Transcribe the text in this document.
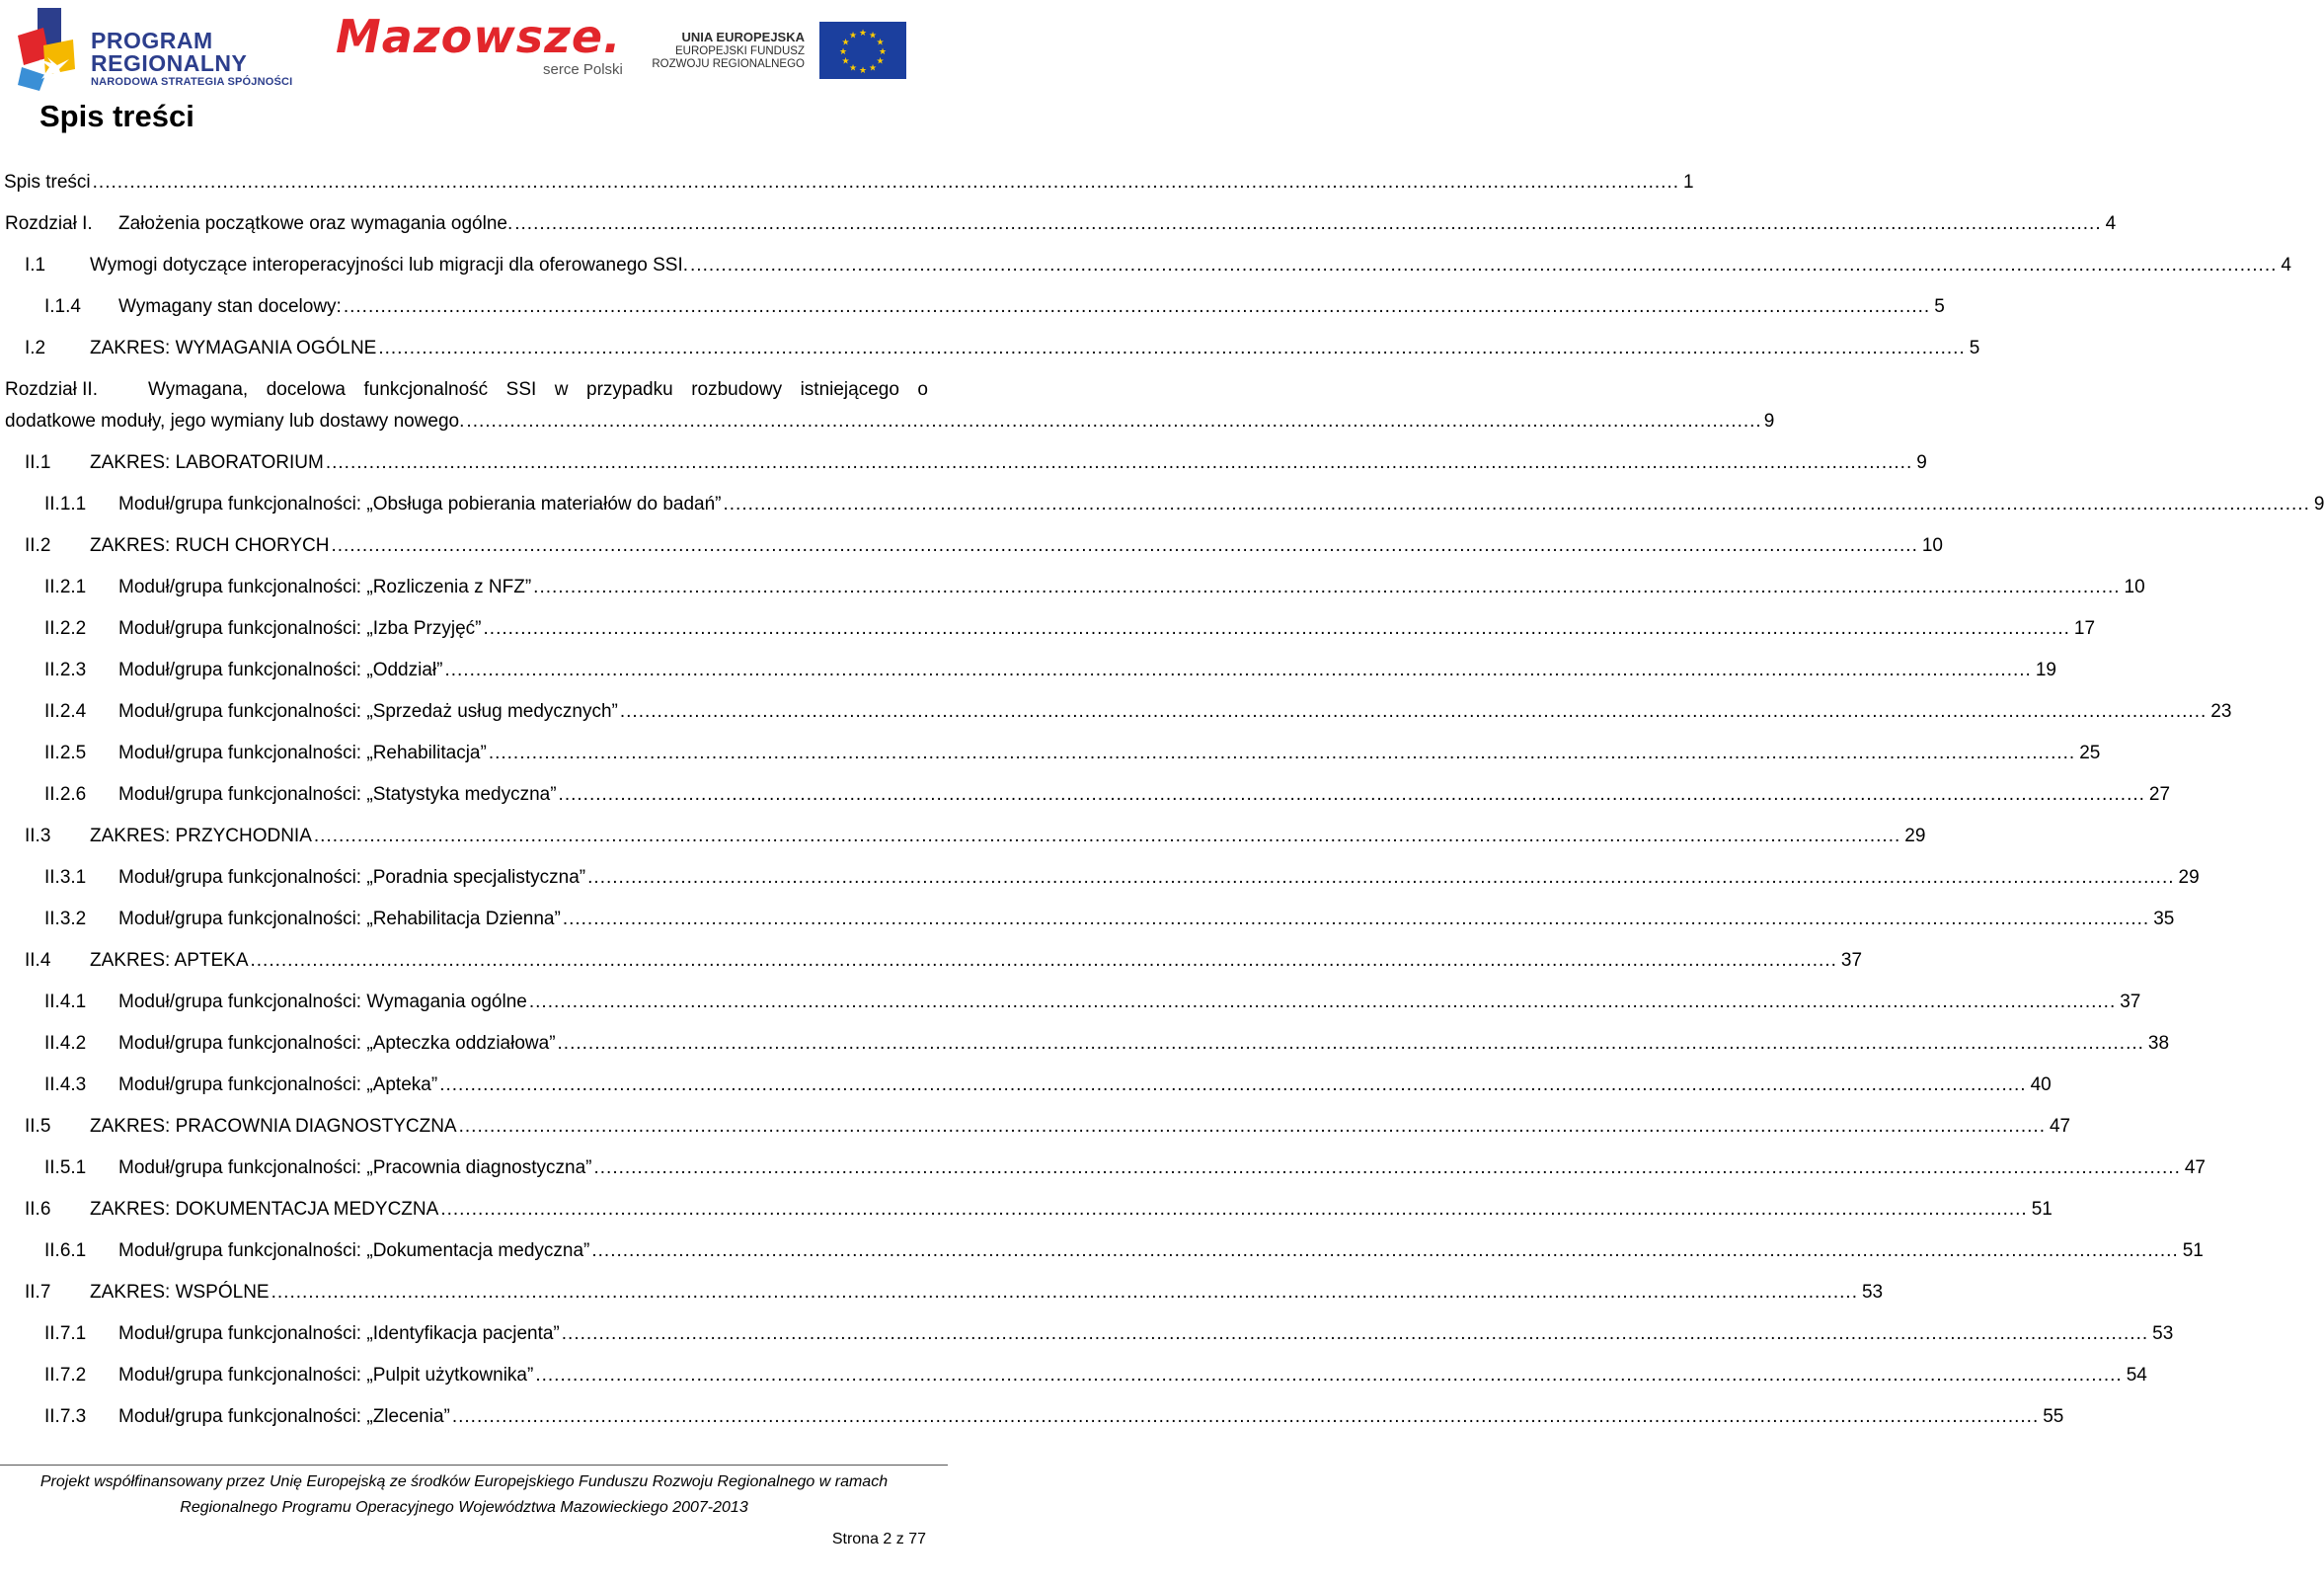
PROGRAM
REGIONALNY
NARODOWA STRATEGIA SPÓJNOŚCI
Mazowsze.
serce Polski
UNIA EUROPEJSKA
EUROPEJSKI FUNDUSZ
ROZWOJU REGIONALNEGO
★ ★
★
★
★
★
★
★
★
★
★
★
Spis treści
Spis treści .....	1
Rozdział I.	Założenia początkowe oraz wymagania ogólne. .....	4
I.1	Wymogi dotyczące interoperacyjności lub migracji dla oferowanego SSI. .....	4
I.1.4	Wymagany stan docelowy: .....	5
I.2	ZAKRES: WYMAGANIA OGÓLNE .....	5
Rozdział II.	Wymagana, docelowa funkcjonalność SSI w przypadku rozbudowy istniejącego o
dodatkowe moduły, jego wymiany lub dostawy nowego. ................................................................................................................................................................................................................. 9
II.1	ZAKRES: LABORATORIUM .....	9
II.1.1	Moduł/grupa funkcjonalności: „Obsługa pobierania materiałów do badań” .....	9
II.2	ZAKRES: RUCH CHORYCH .....	10
II.2.1	Moduł/grupa funkcjonalności: „Rozliczenia z NFZ” .....	10
II.2.2	Moduł/grupa funkcjonalności: „Izba Przyjęć” .....	17
II.2.3	Moduł/grupa funkcjonalności: „Oddział” .....	19
II.2.4	Moduł/grupa funkcjonalności: „Sprzedaż usług medycznych” .....	23
II.2.5	Moduł/grupa funkcjonalności: „Rehabilitacja” .....	25
II.2.6	Moduł/grupa funkcjonalności: „Statystyka medyczna” .....	27
II.3	ZAKRES: PRZYCHODNIA .....	29
II.3.1	Moduł/grupa funkcjonalności: „Poradnia specjalistyczna” .....	29
II.3.2	Moduł/grupa funkcjonalności: „Rehabilitacja Dzienna” .....	35
II.4	ZAKRES: APTEKA .....	37
II.4.1	Moduł/grupa funkcjonalności: Wymagania ogólne .....	37
II.4.2	Moduł/grupa funkcjonalności: „Apteczka oddziałowa” .....	38
II.4.3	Moduł/grupa funkcjonalności: „Apteka” .....	40
II.5	ZAKRES: PRACOWNIA DIAGNOSTYCZNA .....	47
II.5.1	Moduł/grupa funkcjonalności: „Pracownia diagnostyczna” .....	47
II.6	ZAKRES: DOKUMENTACJA MEDYCZNA .....	51
II.6.1	Moduł/grupa funkcjonalności: „Dokumentacja medyczna” .....	51
II.7	ZAKRES: WSPÓLNE .....	53
II.7.1	Moduł/grupa funkcjonalności: „Identyfikacja pacjenta” .....	53
II.7.2	Moduł/grupa funkcjonalności: „Pulpit użytkownika” .....	54
II.7.3	Moduł/grupa funkcjonalności: „Zlecenia” .....	55
Projekt współfinansowany przez Unię Europejską ze środków Europejskiego Funduszu Rozwoju Regionalnego w ramach
Regionalnego Programu Operacyjnego Województwa Mazowieckiego 2007-2013
Strona 2 z 77
